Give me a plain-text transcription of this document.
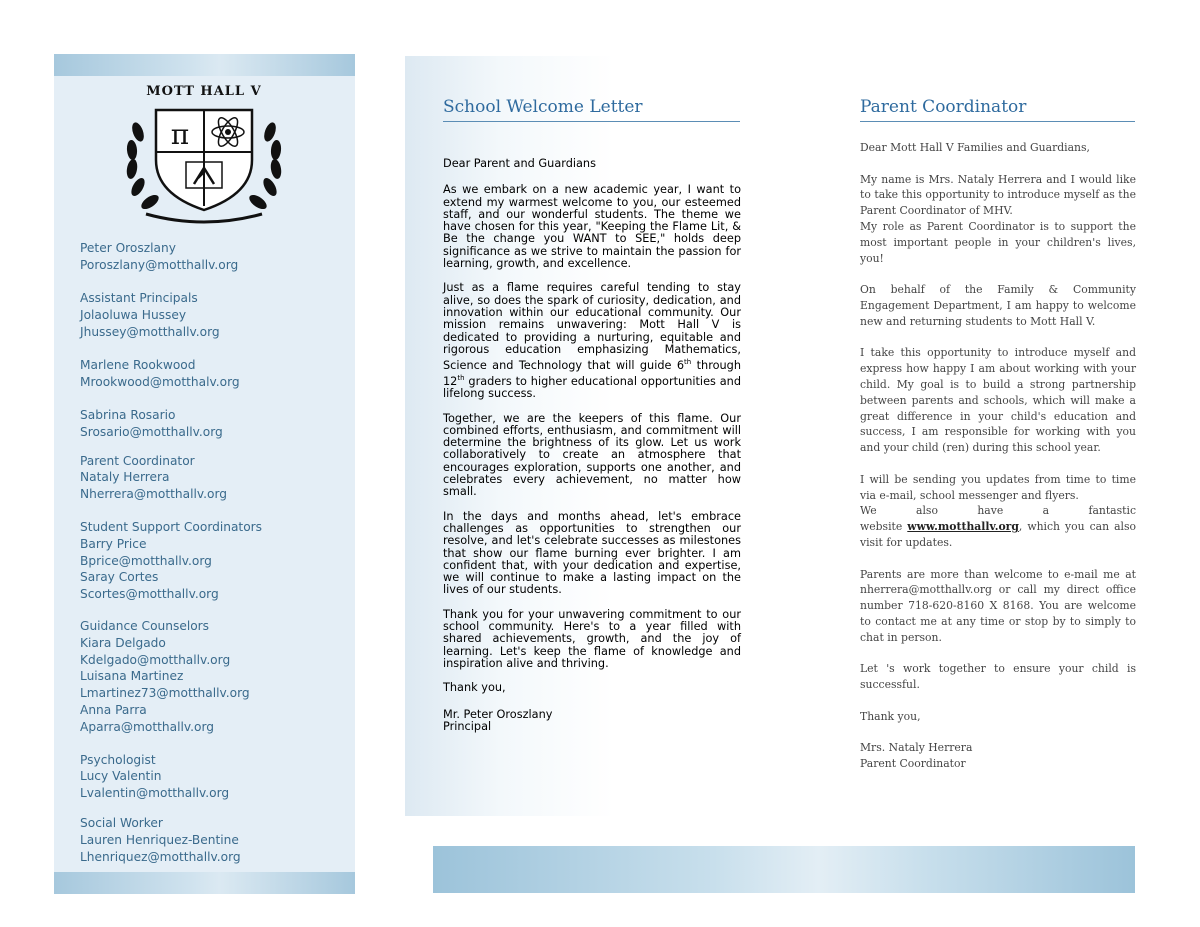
MOTT HALL V
π
Peter Oroszlany
Poroszlany@motthallv.org
Assistant Principals
Jolaoluwa Hussey
Jhussey@motthallv.org
Marlene Rookwood
Mrookwood@motthalv.org
Sabrina Rosario
Srosario@motthallv.org
Parent Coordinator
Nataly Herrera
Nherrera@motthallv.org
Student Support Coordinators
Barry Price
Bprice@motthallv.org
Saray Cortes
Scortes@motthallv.org
Guidance Counselors
Kiara Delgado
Kdelgado@motthallv.org
Luisana Martinez
Lmartinez73@motthallv.org
Anna Parra
Aparra@motthallv.org
Psychologist
Lucy Valentin
Lvalentin@motthallv.org
Social Worker
Lauren Henriquez-Bentine
Lhenriquez@motthallv.org
School Welcome Letter

Dear Parent and Guardians

As we embark on a new academic year, I want to extend my warmest welcome to you, our esteemed staff, and our wonderful students. The theme we have chosen for this year, "Keeping the Flame Lit, & Be the change you WANT to SEE," holds deep significance as we strive to maintain the passion for learning, growth, and excellence.

Just as a flame requires careful tending to stay alive, so does the spark of curiosity, dedication, and innovation within our educational community. Our mission remains unwavering: Mott Hall V is dedicated to providing a nurturing, equitable and rigorous education emphasizing Mathematics, Science and Technology that will guide 6th through 12th graders to higher educational opportunities and lifelong success.

Together, we are the keepers of this flame. Our combined efforts, enthusiasm, and commitment will determine the brightness of its glow. Let us work collaboratively to create an atmosphere that encourages exploration, supports one another, and celebrates every achievement, no matter how small.

In the days and months ahead, let's embrace challenges as opportunities to strengthen our resolve, and let's celebrate successes as milestones that show our flame burning ever brighter. I am confident that, with your dedication and expertise, we will continue to make a lasting impact on the lives of our students.

Thank you for your unwavering commitment to our school community. Here's to a year filled with shared achievements, growth, and the joy of learning. Let's keep the flame of knowledge and inspiration alive and thriving.

Thank you,

Mr. Peter Oroszlany

Principal

Parent Coordinator

Dear Mott Hall V Families and Guardians,

My name is Mrs. Nataly Herrera and I would like to take this opportunity to introduce myself as the Parent Coordinator of MHV.

My role as Parent Coordinator is to support the most important people in your children's lives, you!

On behalf of the Family & Community Engagement Department, I am happy to welcome new and returning students to Mott Hall V.

I take this opportunity to introduce myself and express how happy I am about working with your child. My goal is to build a strong partnership between parents and schools, which will make a great difference in your child's education and success, I am responsible for working with you and your child (ren) during this school year.

I will be sending you updates from time to time via e-mail, school messenger and flyers.

We also have a fantastic

website www.motthallv.org, which you can also visit for updates.

Parents are more than welcome to e-mail me at nherrera@motthallv.org or call my direct office number 718-620-8160 X 8168. You are welcome to contact me at any time or stop by to simply to chat in person.

Let 's work together to ensure your child is successful.

Thank you,

Mrs. Nataly Herrera

Parent Coordinator
